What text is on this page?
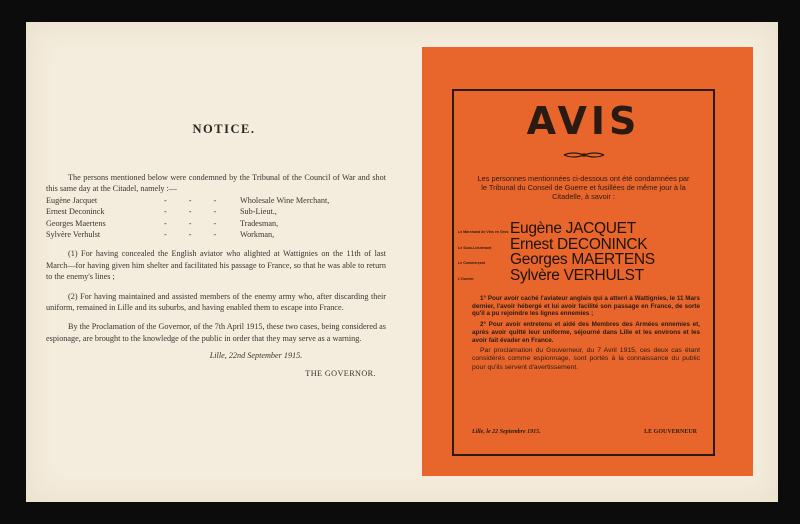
NOTICE.

The persons mentioned below were condemned by the Tribunal of the Council of War and shot this same day at the Citadel, namely :—

Eugène Jacquet	- - -	Wholesale Wine Merchant,
Ernest Deconinck	- - -	Sub-Lieut.,
Georges Maertens	- - -	Tradesman,
Sylvère Verhulst	- - -	Workman,

(1) For having concealed the English aviator who alighted at Wattignies on the 11th of last March—for having given him shelter and facilitated his passage to France, so that he was able to return to the enemy's lines ;

(2) For having maintained and assisted members of the enemy army who, after discarding their uniform, remained in Lille and its suburbs, and having enabled them to escape into France.

By the Proclamation of the Governor, of the 7th April 1915, these two cases, being considered as espionage, are brought to the knowledge of the public in order that they may serve as a warning.

Lille, 22nd September 1915.

THE GOVERNOR.

AVIS
Les personnes mentionnées ci-dessous ont été condamnées par le Tribunal du Conseil de Guerre et fusillées de même jour à la Citadelle, à savoir :
Le Marchand de Vins en Gros Eugène JACQUET
Le Sous-Lieutenant	Ernest DECONINCK
Le Commerçant	Georges MAERTENS
L'Ouvrier	Sylvère VERHULST

1° Pour avoir caché l'aviateur anglais qui a atterri à Wattignies, le 11 Mars dernier, l'avoir hébergé et lui avoir facilité son passage en France, de sorte qu'il a pu rejoindre les lignes ennemies ;

2° Pour avoir entretenu et aidé des Membres des Armées ennemies et, après avoir quitté leur uniforme, séjourné dans Lille et les environs et les avoir fait évader en France.

Par proclamation du Gouverneur, du 7 Avril 1915, ces deux cas étant considérés comme espionnage, sont portés à la connaissance du public pour qu'ils servent d'avertissement.

Lille, le 22 Septembre 1915.	LE GOUVERNEUR
